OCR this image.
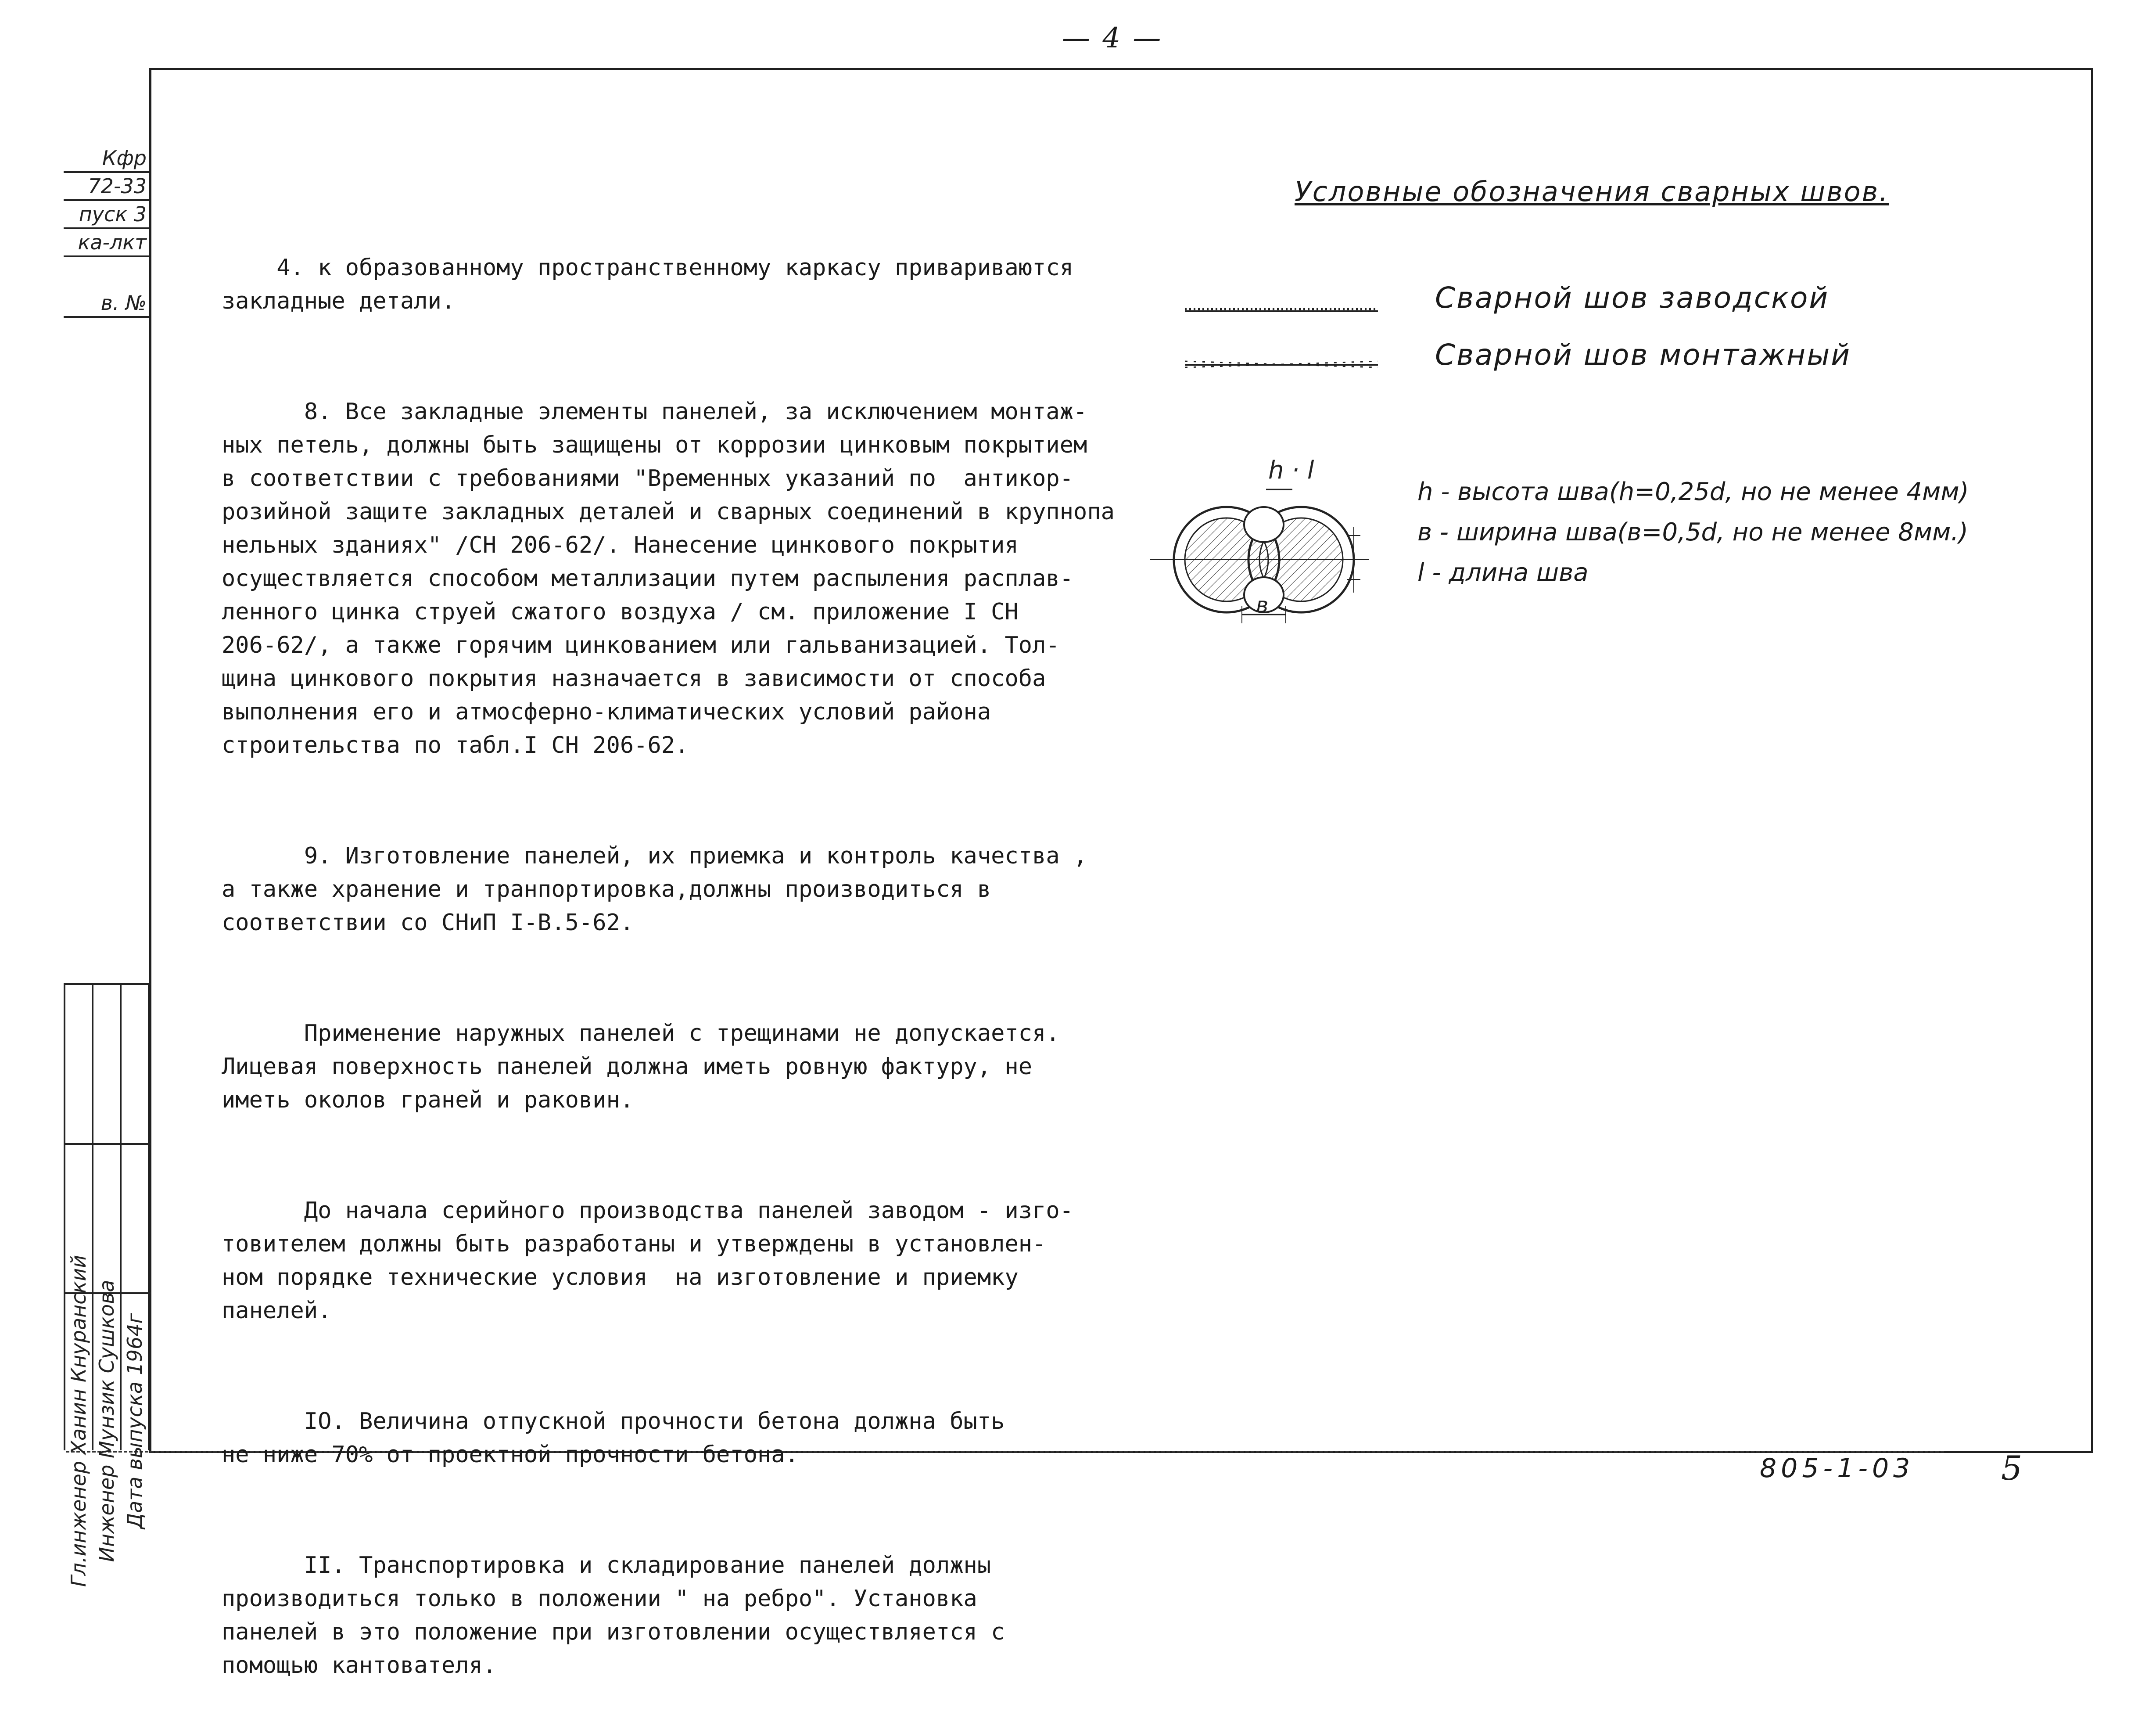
— 4 —
Кфр
72-33
пуск 3
ка-лкт
в. №
Гл.инженер Ханин Кнуранский Инженер Мунзик Сушкова Дата выпуска 1964г

4. к образованному пространственному каркасу привариваются
закладные детали.

8. Все закладные элементы панелей, за исключением монтаж-
ных петель, должны быть защищены от коррозии цинковым покрытием
в соответствии с требованиями "Временных указаний по  антикор-
розийной защите закладных деталей и сварных соединений в крупнопа
нельных зданиях" /СН 206-62/. Нанесение цинкового покрытия
осуществляется способом металлизации путем распыления расплав-
ленного цинка струей сжатого воздуха / см. приложение I СН
206-62/, а также горячим цинкованием или гальванизацией. Тол-
щина цинкового покрытия назначается в зависимости от способа
выполнения его и атмосферно-климатических условий района
строительства по табл.I СН 206-62.

9. Изготовление панелей, их приемка и контроль качества ,
а также хранение и транпортировка,должны производиться в
соответствии со СНиП I-В.5-62.

Применение наружных панелей с трещинами не допускается.
Лицевая поверхность панелей должна иметь ровную фактуру, не
иметь околов граней и раковин.

До начала серийного производства панелей заводом - изго-
товителем должны быть разработаны и утверждены в установлен-
ном порядке технические условия  на изготовление и приемку
панелей.

IO. Величина отпускной прочности бетона должна быть
не ниже 70% от проектной прочности бетона.

II. Транспортировка и складирование панелей должны
производиться только в положении " на ребро". Установка
панелей в это положение при изготовлении осуществляется с
помощью кантователя.

Условные обозначения сварных швов.
Сварной шов заводской
Сварной шов монтажный
h · l
в
h - высота шва(h=0,25d, но не менее 4мм)
в - ширина шва(в=0,5d, но не менее 8мм.)
l - длина шва
805-1-03	5
